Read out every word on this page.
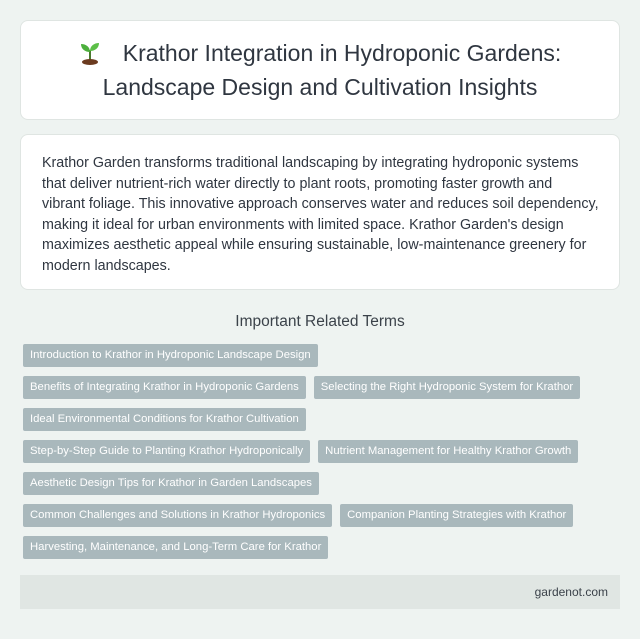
Krathor Integration in Hydroponic Gardens: Landscape Design and Cultivation Insights

Krathor Garden transforms traditional landscaping by integrating hydroponic systems that deliver nutrient-rich water directly to plant roots, promoting faster growth and vibrant foliage. This innovative approach conserves water and reduces soil dependency, making it ideal for urban environments with limited space. Krathor Garden's design maximizes aesthetic appeal while ensuring sustainable, low-maintenance greenery for modern landscapes.

Important Related Terms
Introduction to Krathor in Hydroponic Landscape Design
Benefits of Integrating Krathor in Hydroponic Gardens	Selecting the Right Hydroponic System for Krathor
Ideal Environmental Conditions for Krathor Cultivation
Step-by-Step Guide to Planting Krathor Hydroponically	Nutrient Management for Healthy Krathor Growth
Aesthetic Design Tips for Krathor in Garden Landscapes
Common Challenges and Solutions in Krathor Hydroponics	Companion Planting Strategies with Krathor
Harvesting, Maintenance, and Long-Term Care for Krathor
gardenot.com
